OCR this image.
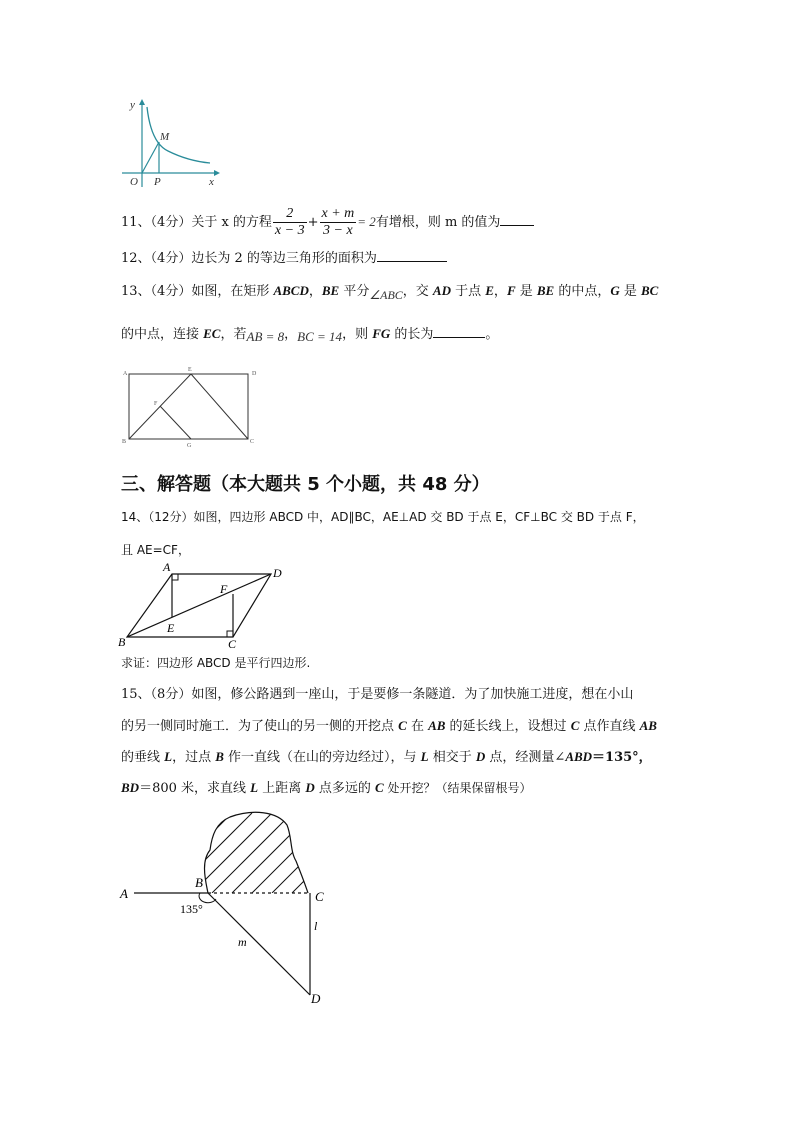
y
x
O P
M
11、（4分）关于 x 的方程 $\frac{2}{x - 3} + \frac{x + m}{3 - x} = 2$有增根，则 m 的值为
12、（4分）边长为 2 的等边三角形的面积为
13、（4分）如图，在矩形 ABCD，BE 平分∠ABC，交 AD 于点 E，F 是 BE 的中点，G 是 BC
的中点，连接 EC，若AB = 8，BC = 14，则 FG 的长为	。
A
E
D
F
B
G
C
三、解答题（本大题共 5 个小题，共 48 分）
14、（12分）如图，四边形 ABCD 中，AD∥BC，AE⊥AD 交 BD 于点 E，CF⊥BC 交 BD 于点 F，
且 AE=CF，
A	D
F
E
B	C
求证：四边形 ABCD 是平行四边形.
15、（8分）如图，修公路遇到一座山，于是要修一条隧道．为了加快施工进度，想在小山
的另一侧同时施工．为了使山的另一侧的开挖点 C 在 AB 的延长线上，设想过 C 点作直线 AB
的垂线 L，过点 B 作一直线（在山的旁边经过），与 L 相交于 D 点，经测量∠ABD＝135°，
BD＝800 米，求直线 L 上距离 D 点多远的 C 处开挖？（结果保留根号）
A
B
C
D
135°
m
l
